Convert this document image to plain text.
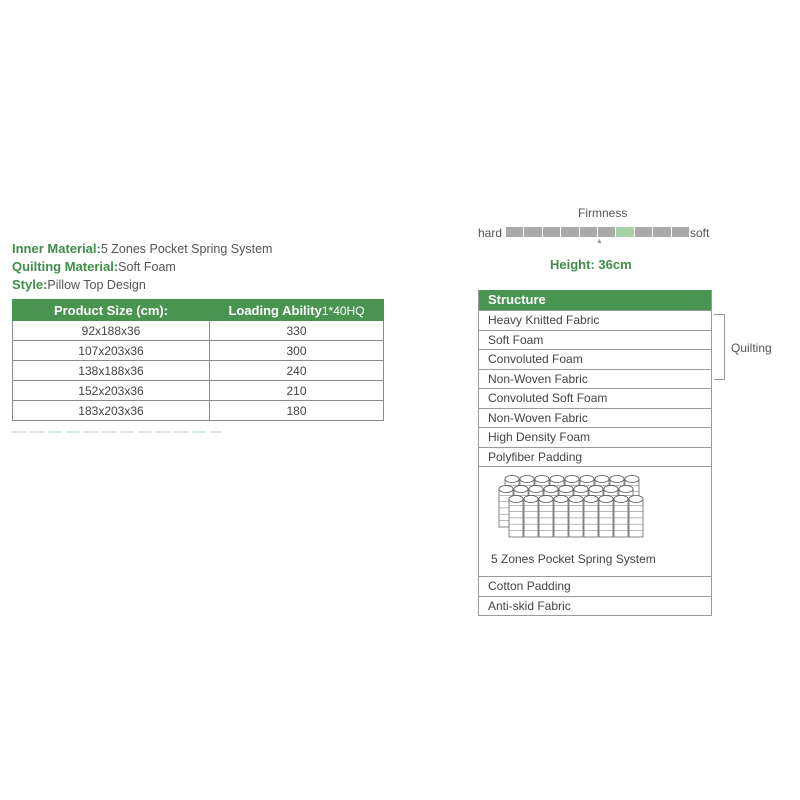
Inner Material:5 Zones Pocket Spring System
Quilting Material:Soft Foam
Style:Pillow Top Design
Product Size (cm):	Loading Ability1*40HQ
92x188x36	330
107x203x36	300
138x188x36	240
152x203x36	210
183x203x36	180
Firmness
hard	soft
▲
Height: 36cm
Structure
Heavy Knitted Fabric
Soft Foam
Convoluted Foam
Non-Woven Fabric
Convoluted Soft Foam
Non-Woven Fabric
High Density Foam
Polyfiber Padding
5 Zones Pocket Spring System
Cotton Padding
Anti-skid Fabric
Quilting
